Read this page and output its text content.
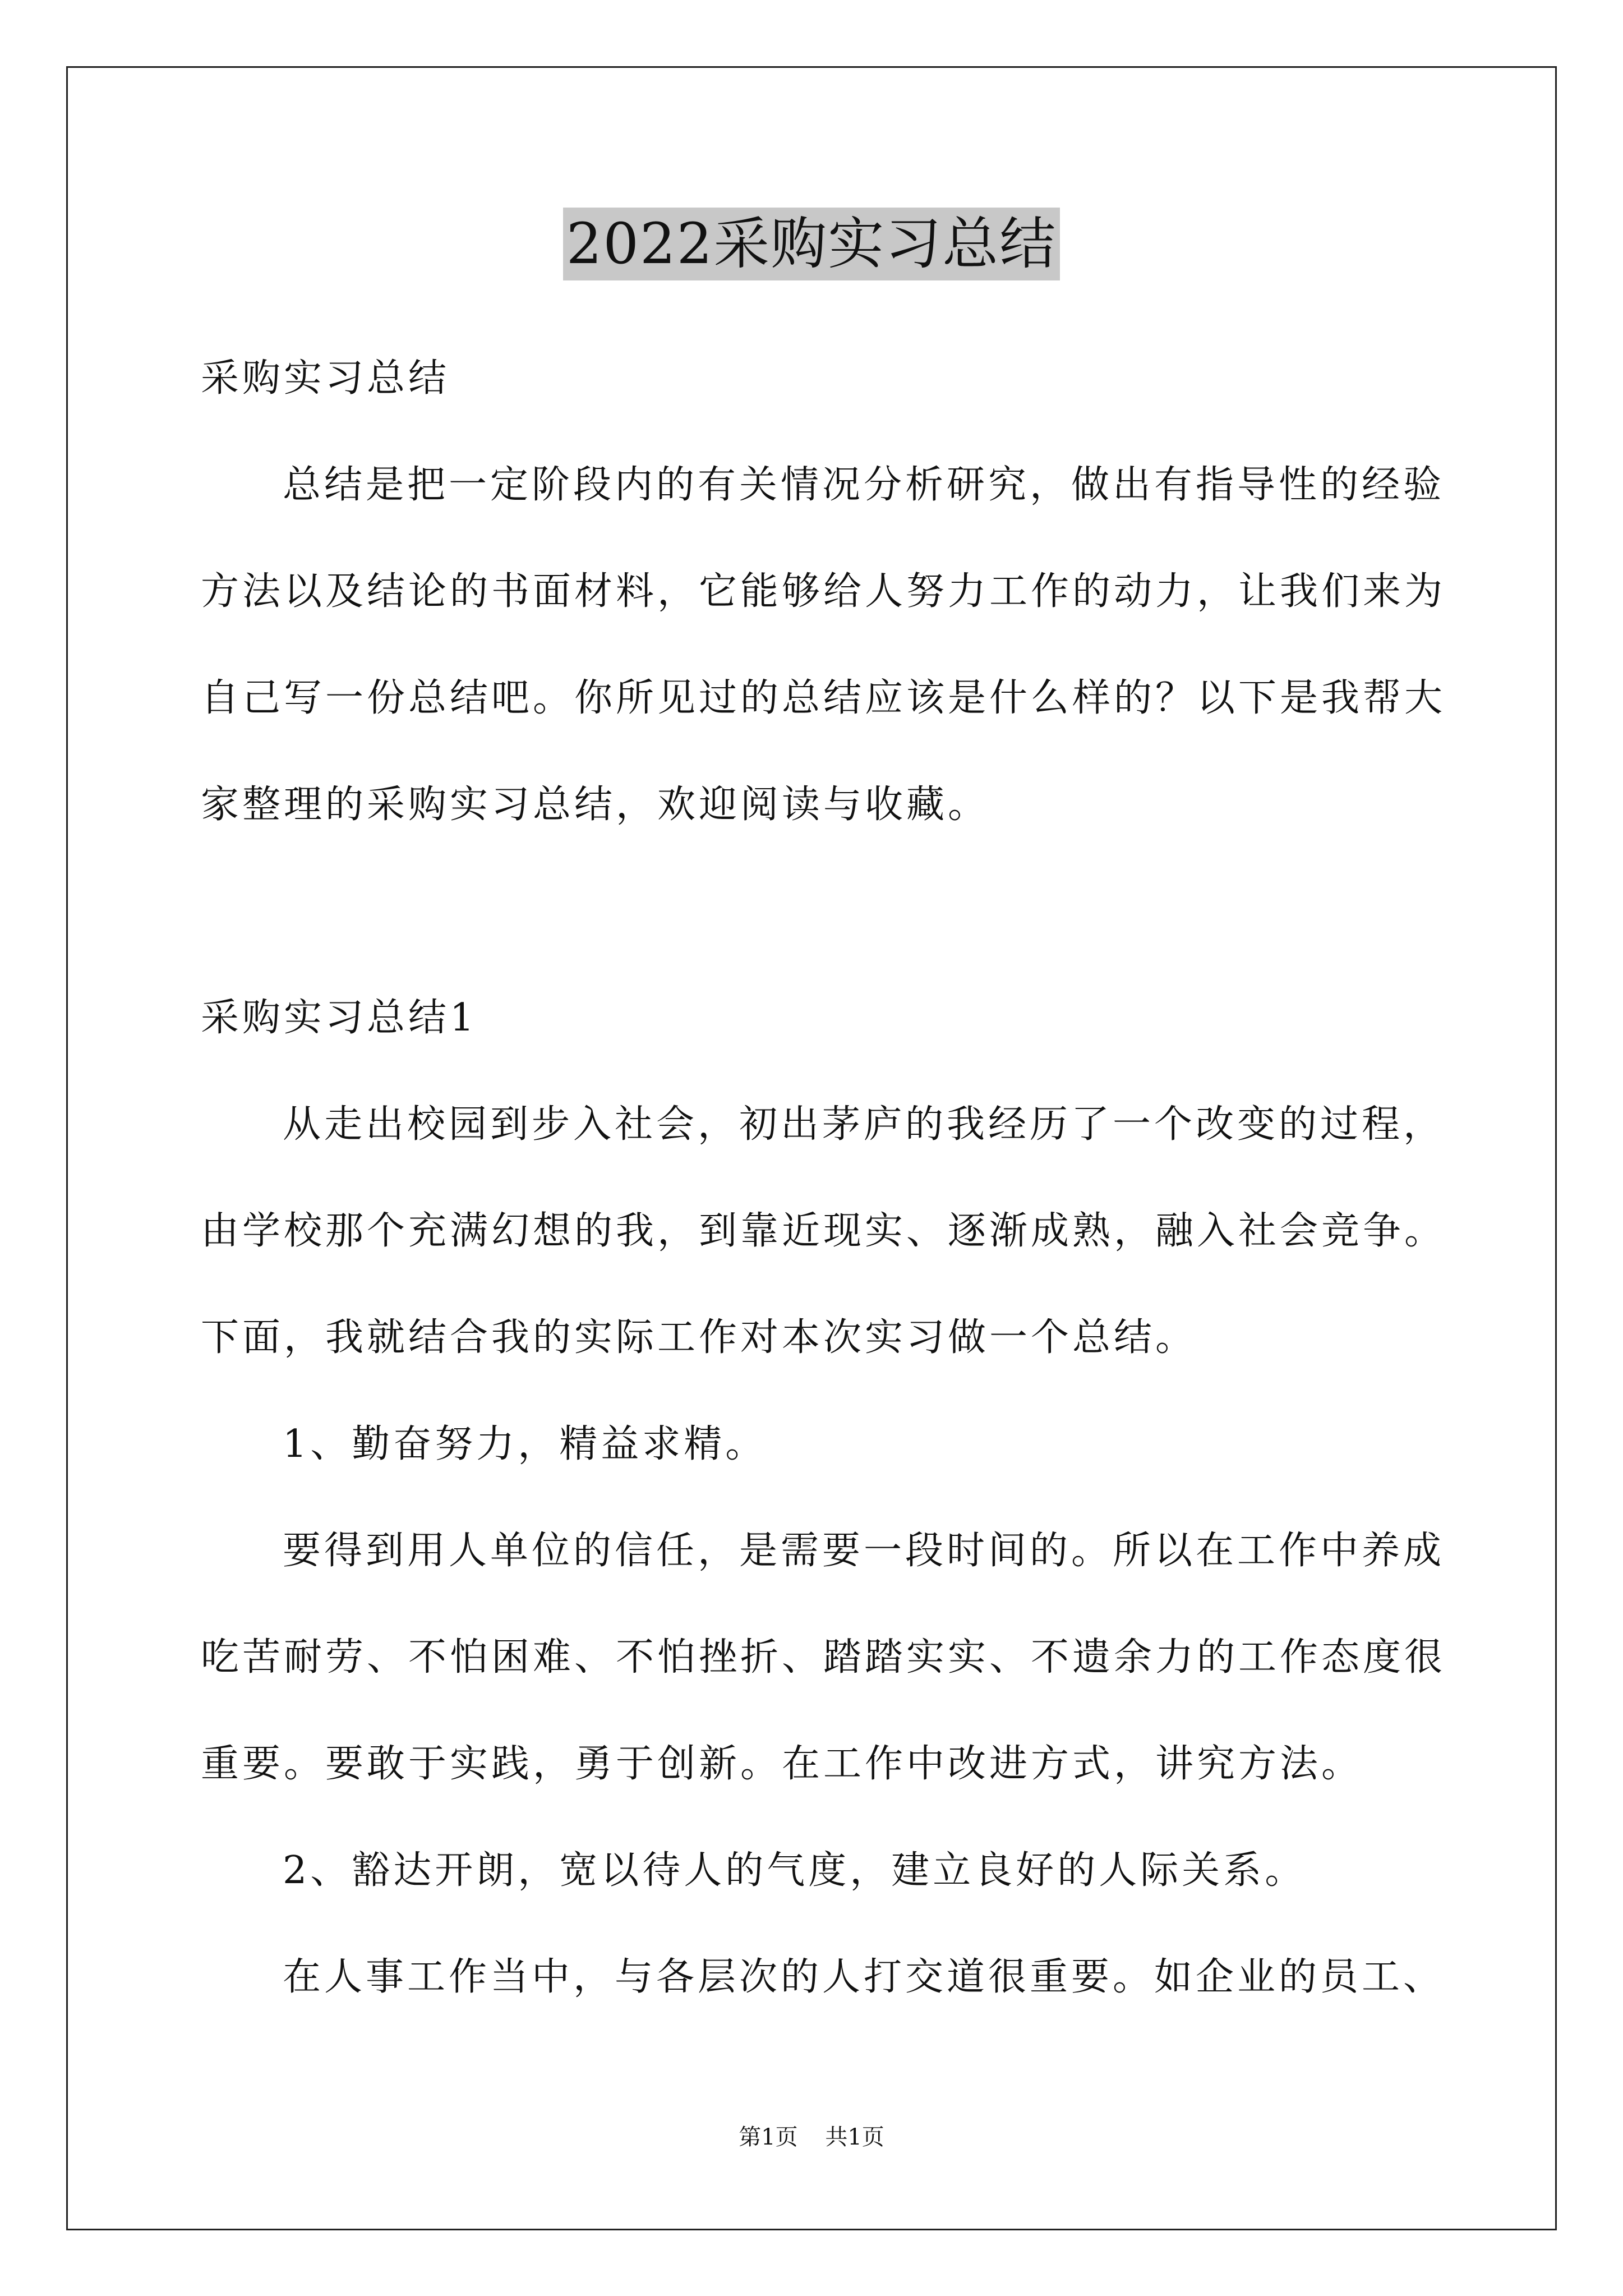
2022采购实习总结
采购实习总结
总结是把一定阶段内的有关情况分析研究，做出有指导性的经验
方法以及结论的书面材料，它能够给人努力工作的动力，让我们来为
自己写一份总结吧。你所见过的总结应该是什么样的？以下是我帮大
家整理的采购实习总结，欢迎阅读与收藏。
采购实习总结1
从走出校园到步入社会，初出茅庐的我经历了一个改变的过程，
由学校那个充满幻想的我，到靠近现实、逐渐成熟，融入社会竞争。
下面，我就结合我的实际工作对本次实习做一个总结。
1、勤奋努力，精益求精。
要得到用人单位的信任，是需要一段时间的。所以在工作中养成
吃苦耐劳、不怕困难、不怕挫折、踏踏实实、不遗余力的工作态度很
重要。要敢于实践，勇于创新。在工作中改进方式，讲究方法。
2、豁达开朗，宽以待人的气度，建立良好的人际关系。
在人事工作当中，与各层次的人打交道很重要。如企业的员工、
第1页 共1页
